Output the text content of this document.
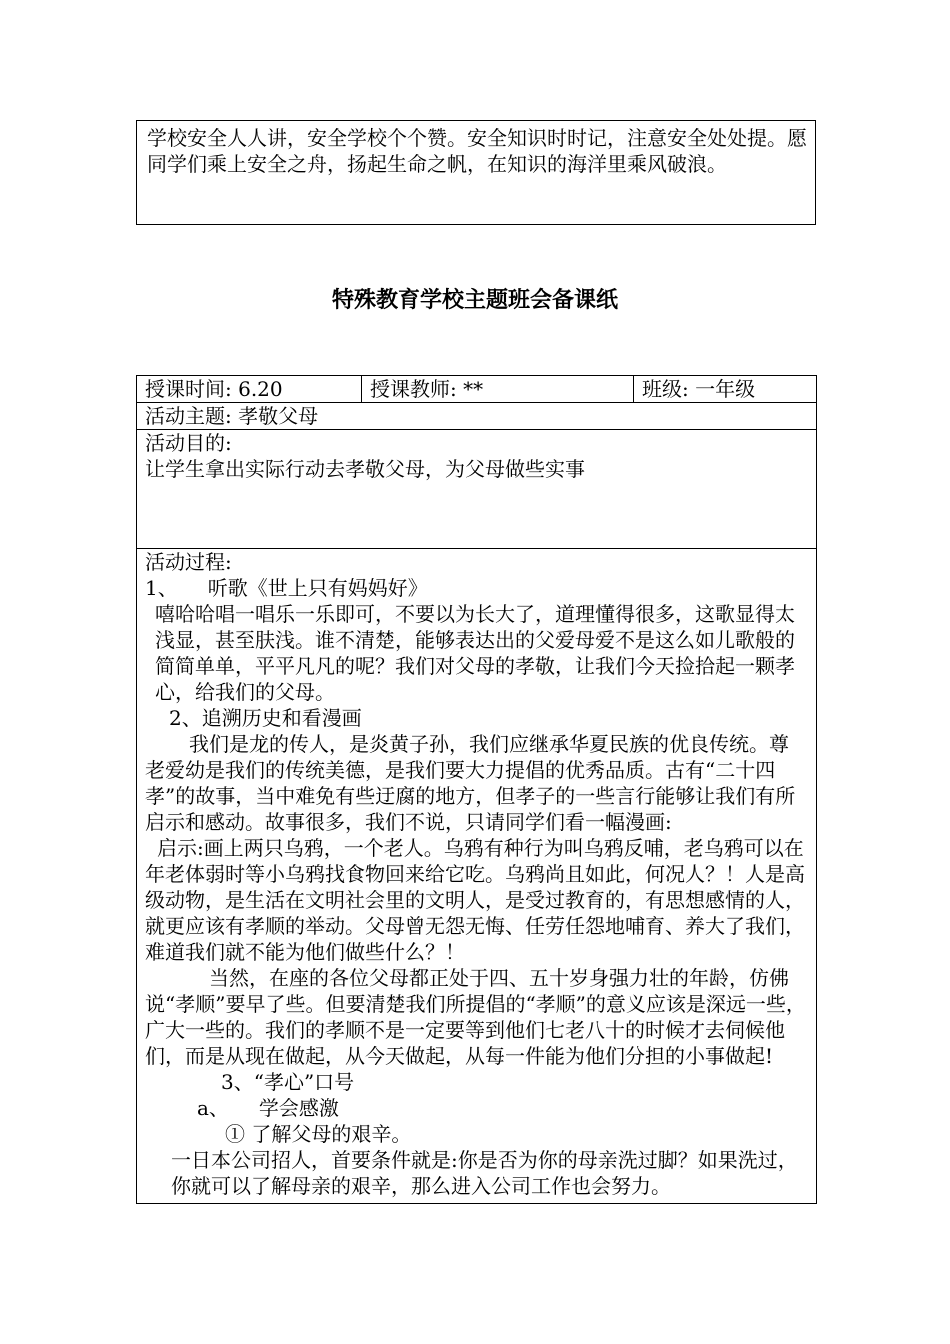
学校安全人人讲，安全学校个个赞。安全知识时时记，注意安全处处提。愿同学们乘上安全之舟，扬起生命之帆，在知识的海洋里乘风破浪。

特殊教育学校主题班会备课纸
授课时间: 6.20	授课教师: **	班级: 一年级
活动主题: 孝敬父母

活动目的:
让学生拿出实际行动去孝敬父母，为父母做些实事

活动过程:
1、　　听歌《世上只有妈妈好》
嘻哈哈唱一唱乐一乐即可，不要以为长大了，道理懂得很多，这歌显得太浅显，甚至肤浅。谁不清楚，能够表达出的父爱母爱不是这么如儿歌般的简简单单，平平凡凡的呢？我们对父母的孝敬，让我们今天捡拾起一颗孝心，给我们的父母。
2、追溯历史和看漫画
我们是龙的传人，是炎黄子孙，我们应继承华夏民族的优良传统。尊老爱幼是我们的传统美德，是我们要大力提倡的优秀品质。古有“二十四孝”的故事，当中难免有些迂腐的地方，但孝子的一些言行能够让我们有所启示和感动。故事很多，我们不说，只请同学们看一幅漫画:
启示:画上两只乌鸦，一个老人。乌鸦有种行为叫乌鸦反哺，老乌鸦可以在年老体弱时等小乌鸦找食物回来给它吃。乌鸦尚且如此，何况人？！人是高级动物，是生活在文明社会里的文明人，是受过教育的，有思想感情的人，就更应该有孝顺的举动。父母曾无怨无悔、任劳任怨地哺育、养大了我们，难道我们就不能为他们做些什么？！
当然，在座的各位父母都正处于四、五十岁身强力壮的年龄，仿佛说“孝顺”要早了些。但要清楚我们所提倡的“孝顺”的意义应该是深远一些，广大一些的。我们的孝顺不是一定要等到他们七老八十的时候才去伺候他们，而是从现在做起，从今天做起，从每一件能为他们分担的小事做起!
3、“孝心”口号
a、　　学会感激
① 了解父母的艰辛。
一日本公司招人，首要条件就是:你是否为你的母亲洗过脚？如果洗过，你就可以了解母亲的艰辛，那么进入公司工作也会努力。
